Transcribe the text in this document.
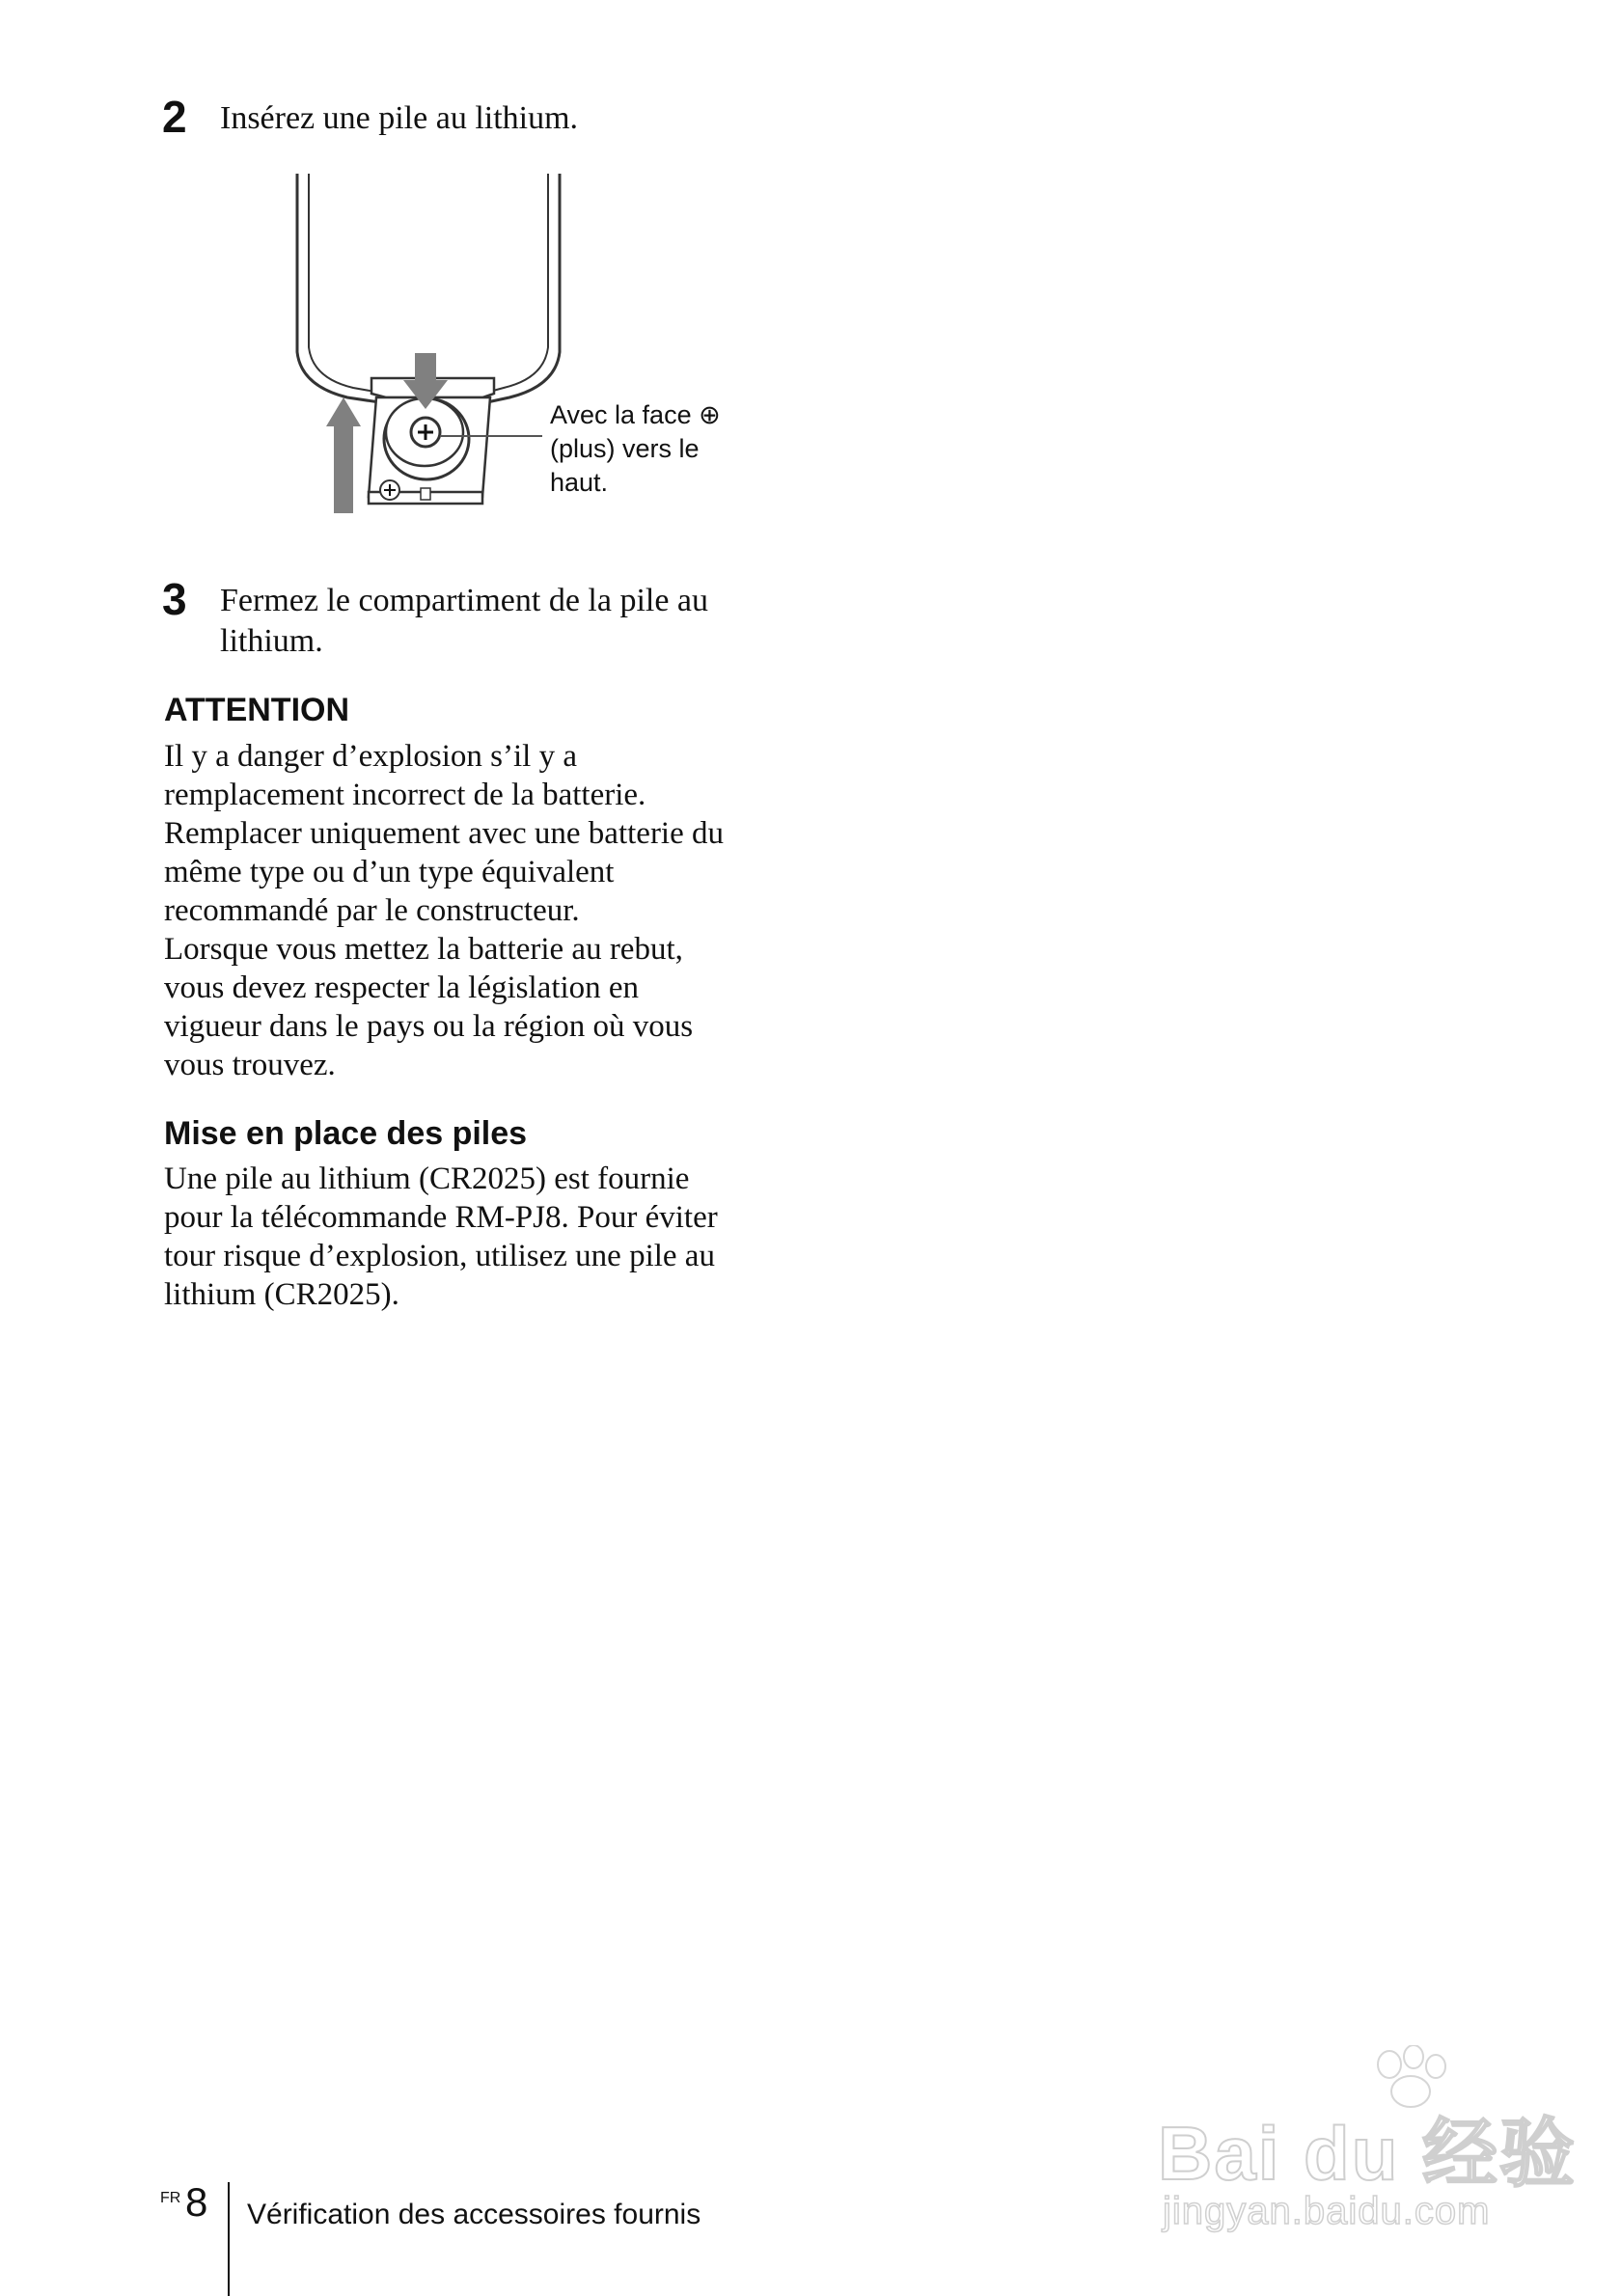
2 Insérez une pile au lithium.
Avec la face ⊕
(plus) vers le
haut.
3 Fermez le compartiment de la pile au lithium.
ATTENTION

Il y a danger d’explosion s’il y a

remplacement incorrect de la batterie.

Remplacer uniquement avec une batterie du

même type ou d’un type équivalent

recommandé par le constructeur.

Lorsque vous mettez la batterie au rebut,

vous devez respecter la législation en

vigueur dans le pays ou la région où vous

vous trouvez.

Mise en place des piles

Une pile au lithium (CR2025) est fournie

pour la télécommande RM-PJ8. Pour éviter

tour risque d’explosion, utilisez une pile au

lithium (CR2025).

Bai du 经验
jingyan.baidu.com
FR 8 Vérification des accessoires fournis
